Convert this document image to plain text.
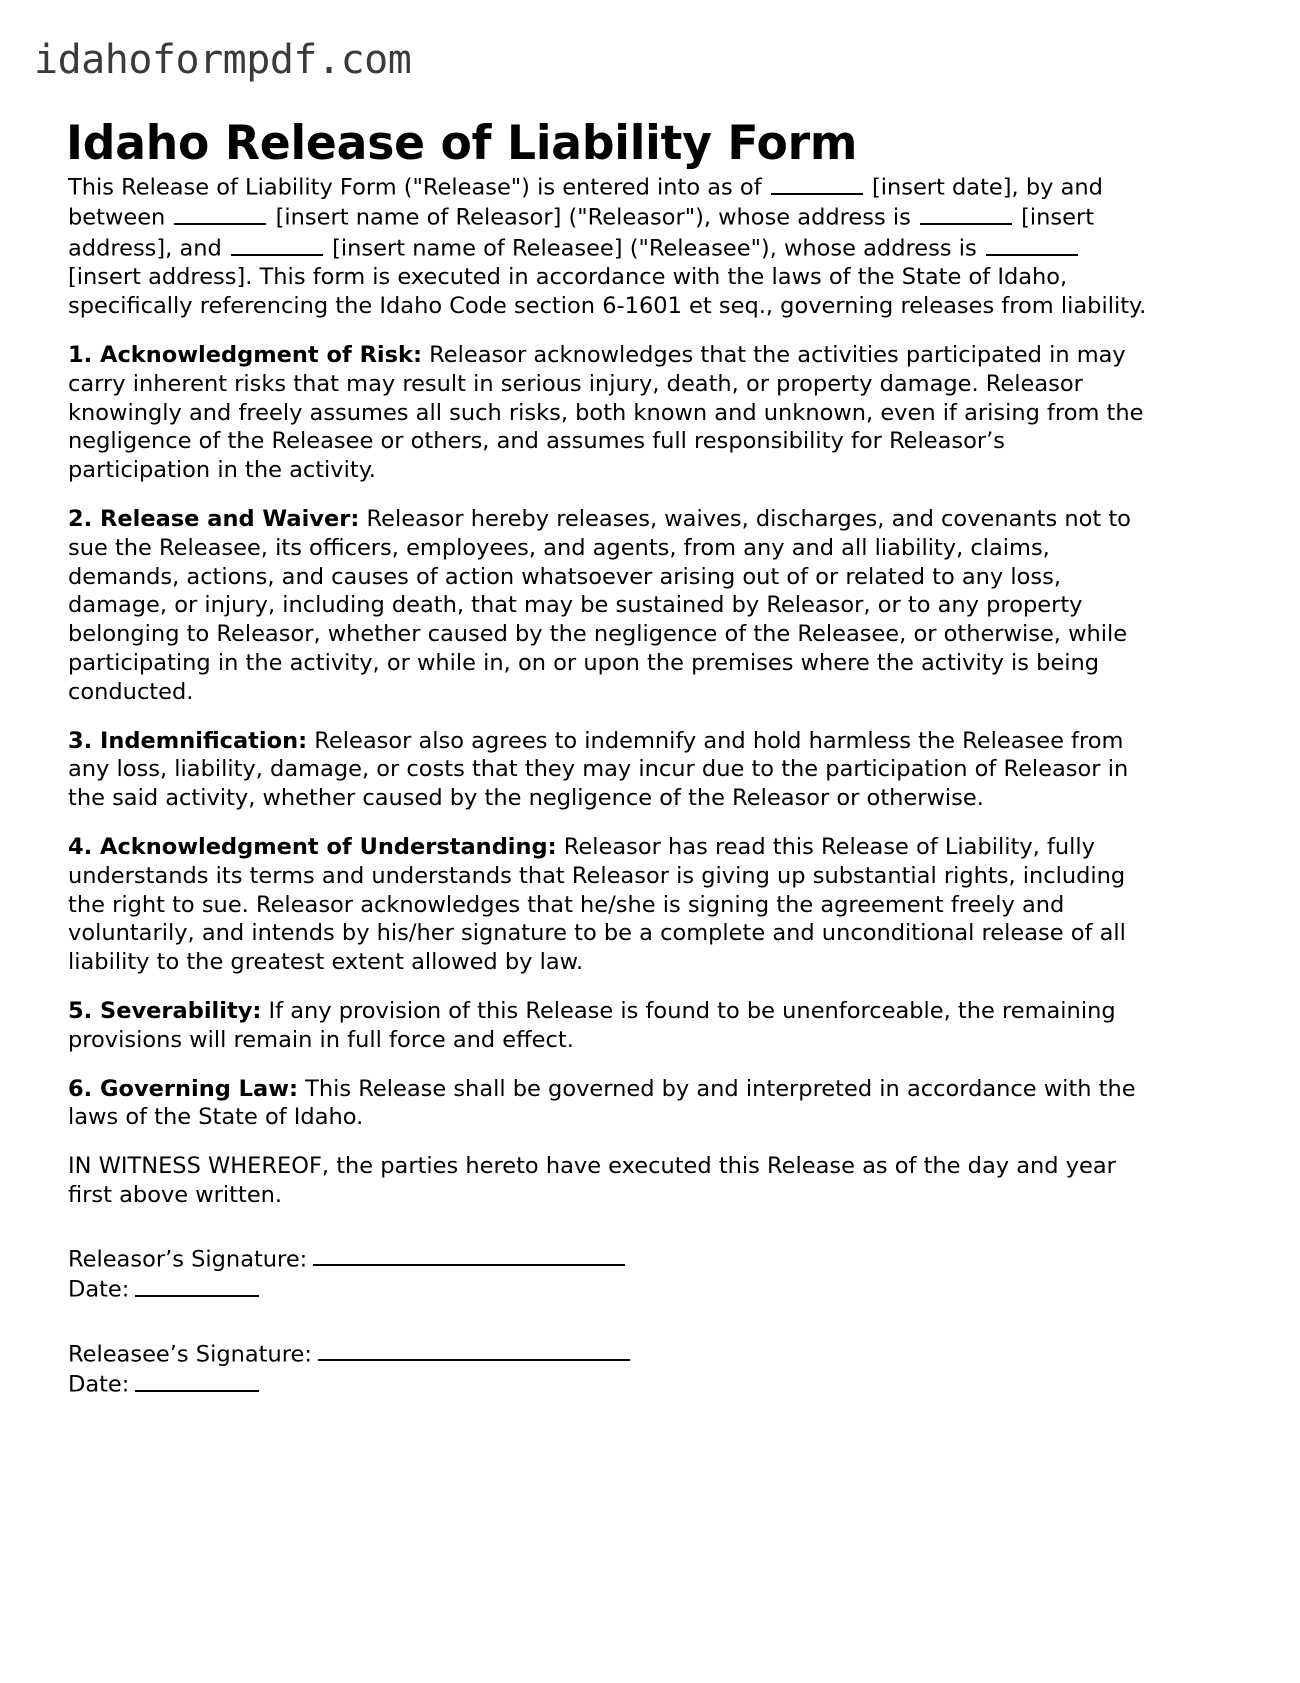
idahoformpdf.com
Idaho Release of Liability Form

This Release of Liability Form ("Release") is entered into as of	[insert date], by and between	[insert name of Releasor] ("Releasor"), whose address is	[insert address], and	[insert name of Releasee] ("Releasee"), whose address is  [insert address]. This form is executed in accordance with the laws of the State of Idaho, specifically referencing the Idaho Code section 6-1601 et seq., governing releases from liability.

1. Acknowledgment of Risk: Releasor acknowledges that the activities participated in may carry inherent risks that may result in serious injury, death, or property damage. Releasor knowingly and freely assumes all such risks, both known and unknown, even if arising from the negligence of the Releasee or others, and assumes full responsibility for Releasor’s participation in the activity.

2. Release and Waiver: Releasor hereby releases, waives, discharges, and covenants not to sue the Releasee, its officers, employees, and agents, from any and all liability, claims, demands, actions, and causes of action whatsoever arising out of or related to any loss, damage, or injury, including death, that may be sustained by Releasor, or to any property belonging to Releasor, whether caused by the negligence of the Releasee, or otherwise, while participating in the activity, or while in, on or upon the premises where the activity is being conducted.

3. Indemnification: Releasor also agrees to indemnify and hold harmless the Releasee from any loss, liability, damage, or costs that they may incur due to the participation of Releasor in the said activity, whether caused by the negligence of the Releasor or otherwise.

4. Acknowledgment of Understanding: Releasor has read this Release of Liability, fully understands its terms and understands that Releasor is giving up substantial rights, including the right to sue. Releasor acknowledges that he/she is signing the agreement freely and voluntarily, and intends by his/her signature to be a complete and unconditional release of all liability to the greatest extent allowed by law.

5. Severability: If any provision of this Release is found to be unenforceable, the remaining provisions will remain in full force and effect.

6. Governing Law: This Release shall be governed by and interpreted in accordance with the laws of the State of Idaho.

IN WITNESS WHEREOF, the parties hereto have executed this Release as of the day and year first above written.

Releasor’s Signature:
Date:
Releasee’s Signature:
Date:
